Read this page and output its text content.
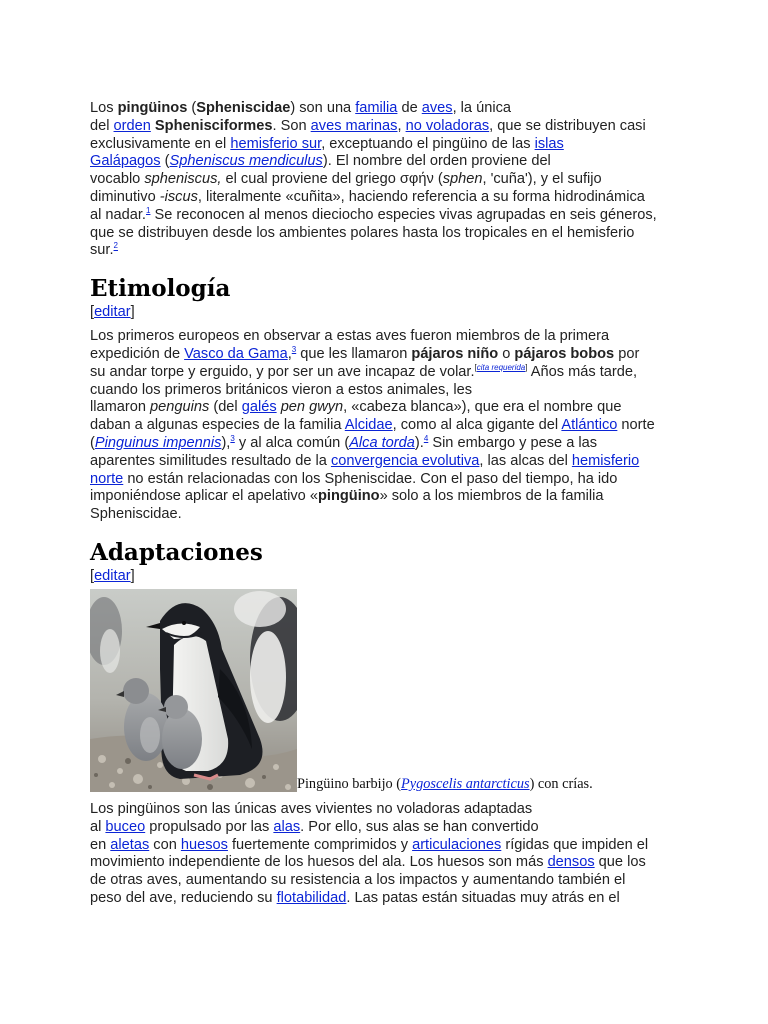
Los pingüinos (Spheniscidae) son una familia de aves, la única
del orden Sphenisciformes. Son aves marinas, no voladoras, que se distribuyen casi
exclusivamente en el hemisferio sur, exceptuando el pingüino de las islas
Galápagos (Spheniscus mendiculus). El nombre del orden proviene del
vocablo spheniscus, el cual proviene del griego σφήν (sphen, 'cuña'), y el sufijo
diminutivo -iscus, literalmente «cuñita», haciendo referencia a su forma hidrodinámica
al nadar.$^1$ Se reconocen al menos dieciocho especies vivas agrupadas en seis géneros,
que se distribuyen desde los ambientes polares hasta los tropicales en el hemisferio
sur.$^2$

Etimología

[editar]

Los primeros europeos en observar a estas aves fueron miembros de la primera
expedición de Vasco da Gama,$^3$ que les llamaron pájaros niño o pájaros bobos por
su andar torpe y erguido, y por ser un ave incapaz de volar.[cita requerida] Años más tarde,
cuando los primeros británicos vieron a estos animales, les
llamaron penguins (del galés pen gwyn, «cabeza blanca»), que era el nombre que
daban a algunas especies de la familia Alcidae, como al alca gigante del Atlántico norte
(Pinguinus impennis),$^3$ y al alca común (Alca torda).$^4$ Sin embargo y pese a las
aparentes similitudes resultado de la convergencia evolutiva, las alcas del hemisferio
norte no están relacionadas con los Spheniscidae. Con el paso del tiempo, ha ido
imponiéndose aplicar el apelativo «pingüino» solo a los miembros de la familia
Spheniscidae.

Adaptaciones

[editar]

Pingüino barbijo (Pygoscelis antarcticus) con crías.

Los pingüinos son las únicas aves vivientes no voladoras adaptadas
al buceo propulsado por las alas. Por ello, sus alas se han convertido
en aletas con huesos fuertemente comprimidos y articulaciones rígidas que impiden el
movimiento independiente de los huesos del ala. Los huesos son más densos que los
de otras aves, aumentando su resistencia a los impactos y aumentando también el
peso del ave, reduciendo su flotabilidad. Las patas están situadas muy atrás en el
